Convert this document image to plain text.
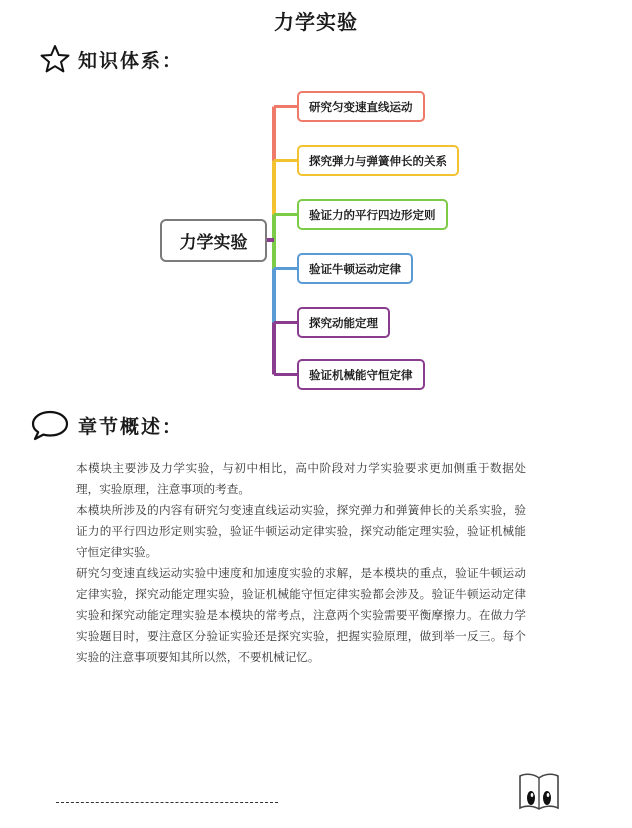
力学实验
知识体系：
力学实验
研究匀变速直线运动
探究弹力与弹簧伸长的关系
验证力的平行四边形定则
验证牛顿运动定律
探究动能定理
验证机械能守恒定律
章节概述：

本模块主要涉及力学实验，与初中相比，高中阶段对力学实验要求更加侧重于数据处理，实验原理，注意事项的考查。

本模块所涉及的内容有研究匀变速直线运动实验，探究弹力和弹簧伸长的关系实验，验证力的平行四边形定则实验，验证牛顿运动定律实验，探究动能定理实验，验证机械能守恒定律实验。

研究匀变速直线运动实验中速度和加速度实验的求解，是本模块的重点，验证牛顿运动定律实验，探究动能定理实验，验证机械能守恒定律实验都会涉及。验证牛顿运动定律实验和探究动能定理实验是本模块的常考点，注意两个实验需要平衡摩擦力。在做力学实验题目时，要注意区分验证实验还是探究实验，把握实验原理，做到举一反三。每个实验的注意事项要知其所以然，不要机械记忆。
